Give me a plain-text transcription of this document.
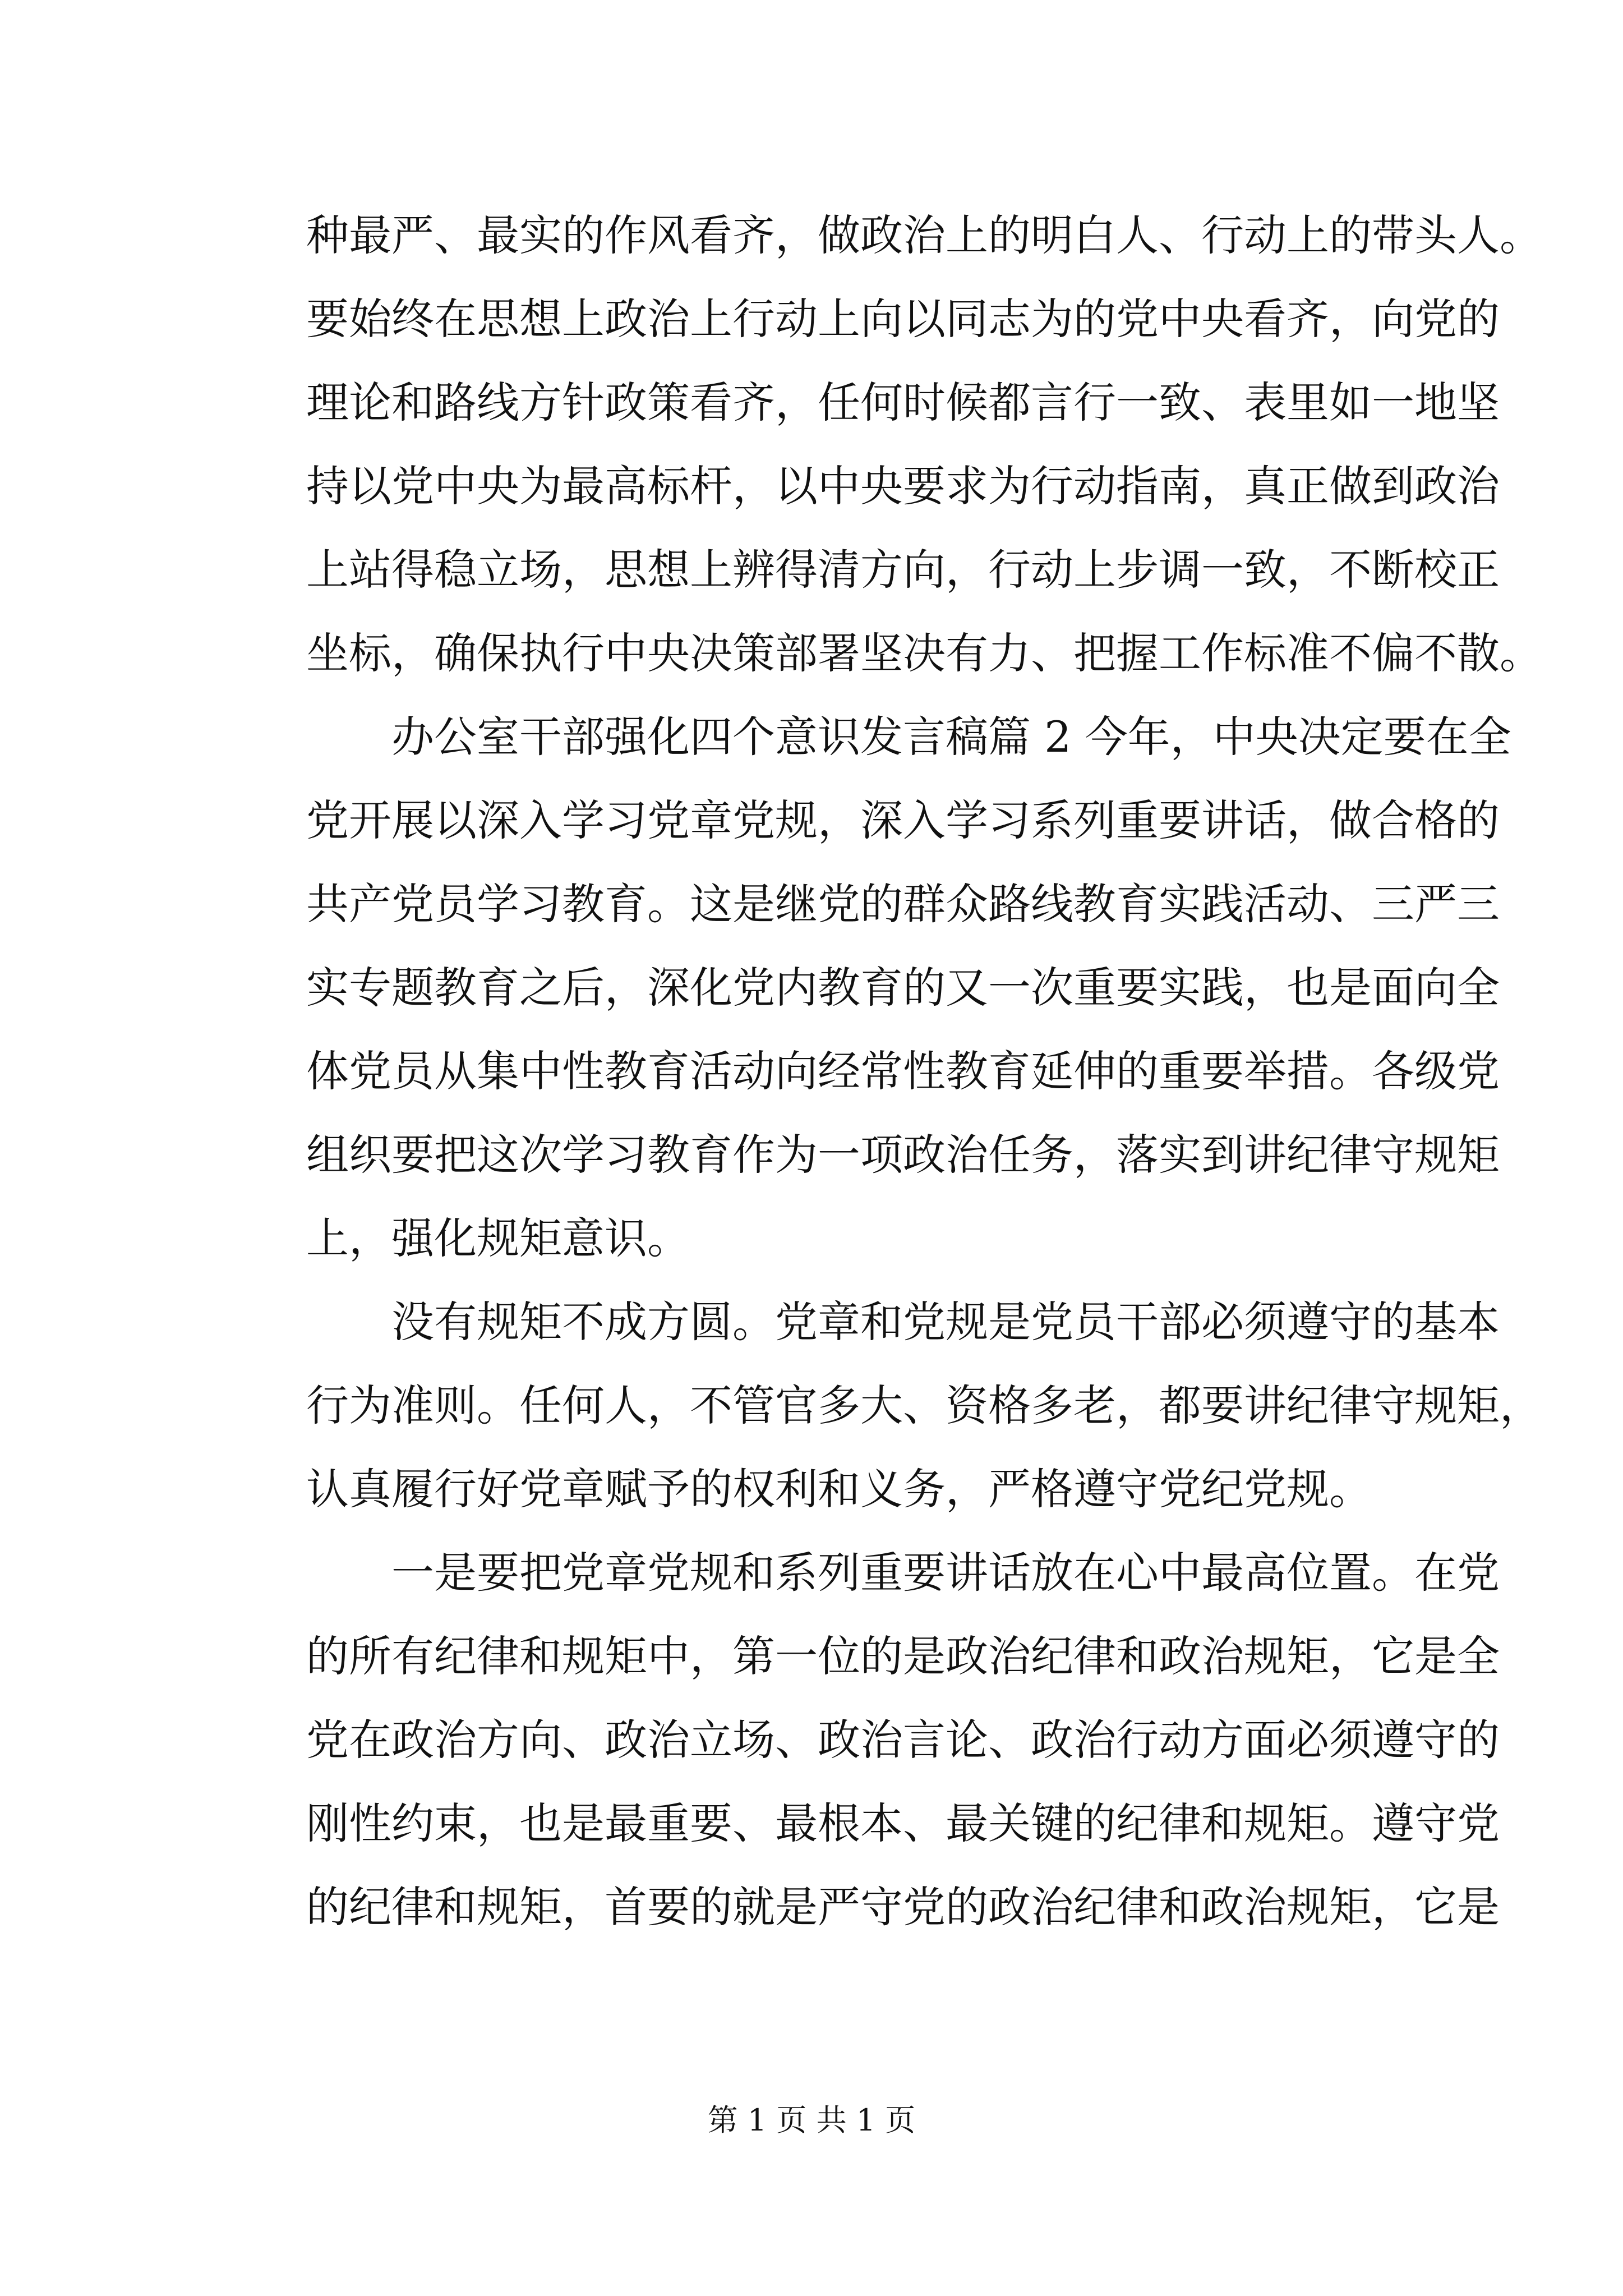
种最严、最实的作风看齐，做政治上的明白人、行动上的带头人。
要始终在思想上政治上行动上向以同志为的党中央看齐，向党的
理论和路线方针政策看齐，任何时候都言行一致、表里如一地坚
持以党中央为最高标杆，以中央要求为行动指南，真正做到政治
上站得稳立场，思想上辨得清方向，行动上步调一致，不断校正
坐标，确保执行中央决策部署坚决有力、把握工作标准不偏不散。
办公室干部强化四个意识发言稿篇 2 今年，中央决定要在全
党开展以深入学习党章党规，深入学习系列重要讲话，做合格的
共产党员学习教育。这是继党的群众路线教育实践活动、三严三
实专题教育之后，深化党内教育的又一次重要实践，也是面向全
体党员从集中性教育活动向经常性教育延伸的重要举措。各级党
组织要把这次学习教育作为一项政治任务，落实到讲纪律守规矩
上，强化规矩意识。
没有规矩不成方圆。党章和党规是党员干部必须遵守的基本
行为准则。任何人，不管官多大、资格多老，都要讲纪律守规矩，
认真履行好党章赋予的权利和义务，严格遵守党纪党规。
一是要把党章党规和系列重要讲话放在心中最高位置。在党
的所有纪律和规矩中，第一位的是政治纪律和政治规矩，它是全
党在政治方向、政治立场、政治言论、政治行动方面必须遵守的
刚性约束，也是最重要、最根本、最关键的纪律和规矩。遵守党
的纪律和规矩，首要的就是严守党的政治纪律和政治规矩，它是
第 1 页 共 1 页
